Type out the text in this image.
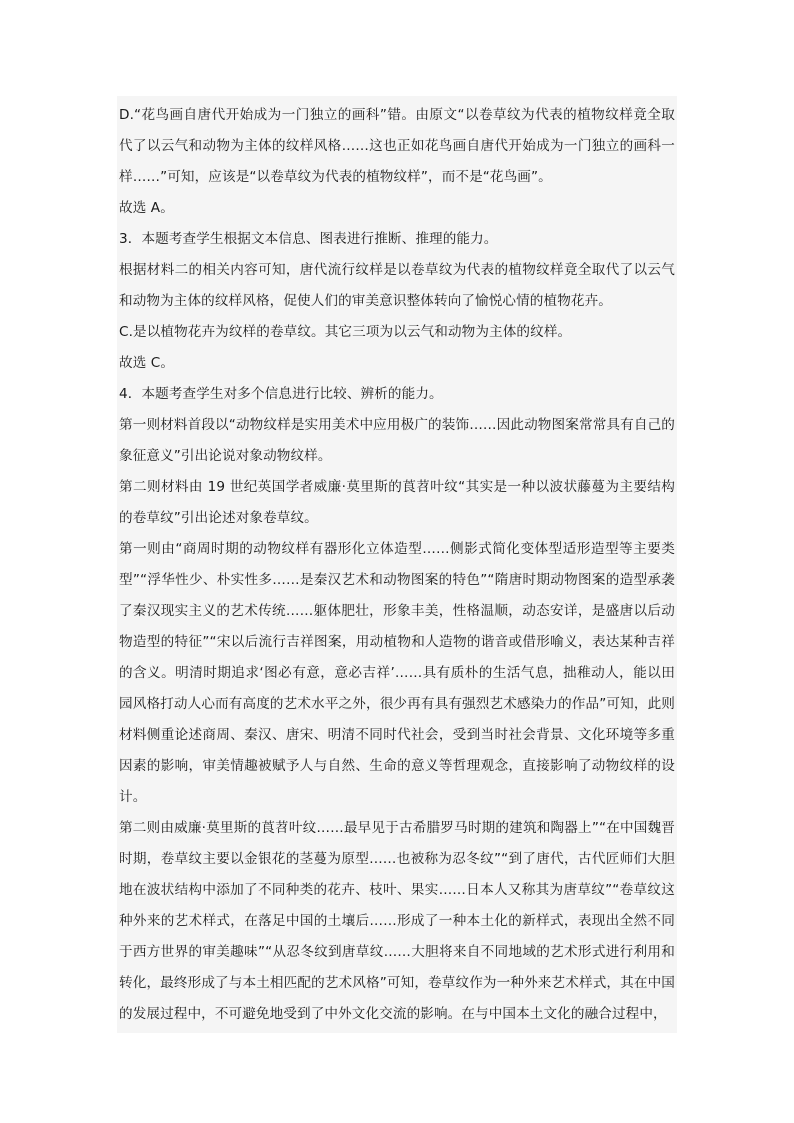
D.“花鸟画自唐代开始成为一门独立的画科”错。由原文“以卷草纹为代表的植物纹样竟全取代了以云气和动物为主体的纹样风格……这也正如花鸟画自唐代开始成为一门独立的画科一样……”可知，应该是“以卷草纹为代表的植物纹样”，而不是“花鸟画”。

故选 A。

3．本题考查学生根据文本信息、图表进行推断、推理的能力。

根据材料二的相关内容可知，唐代流行纹样是以卷草纹为代表的植物纹样竟全取代了以云气和动物为主体的纹样风格，促使人们的审美意识整体转向了愉悦心情的植物花卉。

C.是以植物花卉为纹样的卷草纹。其它三项为以云气和动物为主体的纹样。

故选 C。

4．本题考查学生对多个信息进行比较、辨析的能力。

第一则材料首段以“动物纹样是实用美术中应用极广的装饰……因此动物图案常常具有自己的象征意义”引出论说对象动物纹样。

第二则材料由 19 世纪英国学者威廉·莫里斯的莨苕叶纹“其实是一种以波状藤蔓为主要结构的卷草纹”引出论述对象卷草纹。

第一则由“商周时期的动物纹样有器形化立体造型……侧影式简化变体型适形造型等主要类型”“浮华性少、朴实性多……是秦汉艺术和动物图案的特色”“隋唐时期动物图案的造型承袭了秦汉现实主义的艺术传统……躯体肥壮，形象丰美，性格温顺，动态安详，是盛唐以后动物造型的特征”“宋以后流行吉祥图案，用动植物和人造物的谐音或借形喻义，表达某种吉祥的含义。明清时期追求‘图必有意，意必吉祥’……具有质朴的生活气息，拙稚动人，能以田园风格打动人心而有高度的艺术水平之外，很少再有具有强烈艺术感染力的作品”可知，此则材料侧重论述商周、秦汉、唐宋、明清不同时代社会，受到当时社会背景、文化环境等多重因素的影响，审美情趣被赋予人与自然、生命的意义等哲理观念，直接影响了动物纹样的设计。

第二则由威廉·莫里斯的莨苕叶纹……最早见于古希腊罗马时期的建筑和陶器上”“在中国魏晋时期，卷草纹主要以金银花的茎蔓为原型……也被称为忍冬纹”“到了唐代，古代匠师们大胆地在波状结构中添加了不同种类的花卉、枝叶、果实……日本人又称其为唐草纹”“卷草纹这种外来的艺术样式，在落足中国的土壤后……形成了一种本土化的新样式，表现出全然不同于西方世界的审美趣味”“从忍冬纹到唐草纹……大胆将来自不同地域的艺术形式进行利用和转化，最终形成了与本土相匹配的艺术风格”可知，卷草纹作为一种外来艺术样式，其在中国的发展过程中，不可避免地受到了中外文化交流的影响。在与中国本土文化的融合过程中，
